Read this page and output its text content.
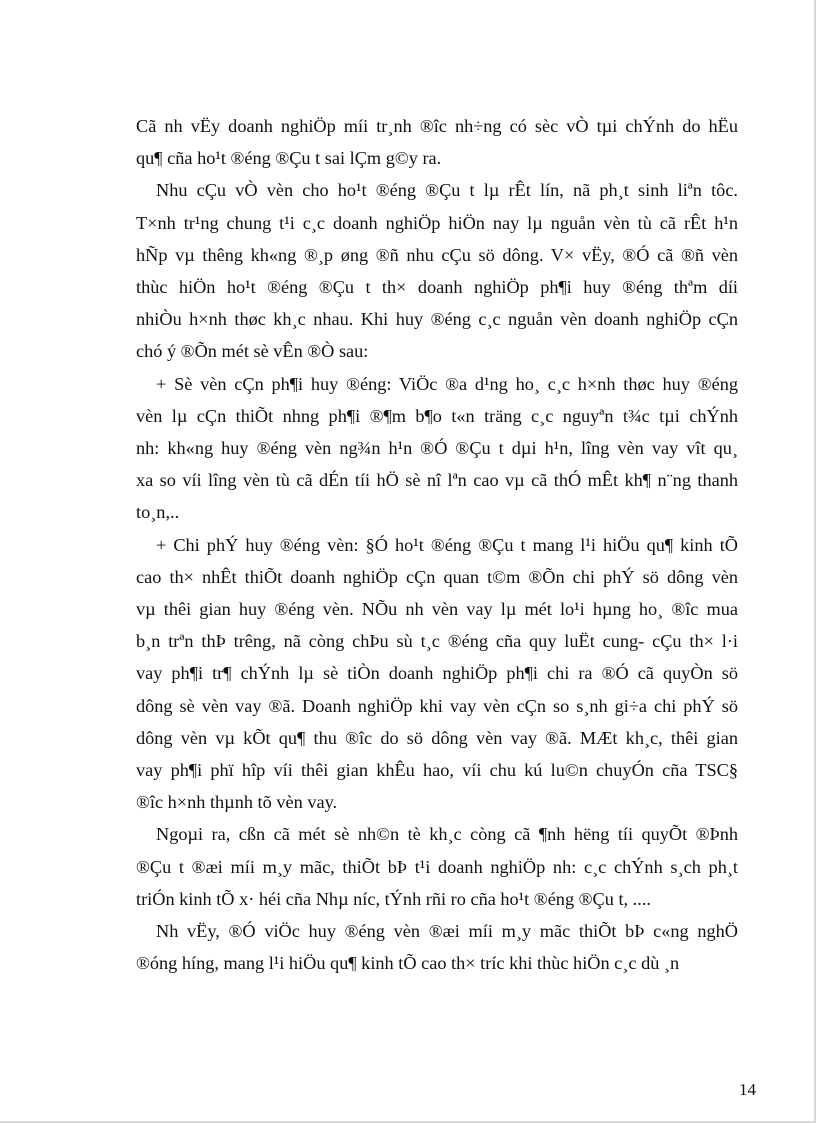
Cã nh vËy doanh nghiÖp míi tr¸nh ®îc nh÷ng có sèc vÒ tµi chÝnh do hËu
qu¶ cña ho¹t ®éng ®Çu t sai lÇm g©y ra.
Nhu cÇu vÒ vèn cho ho¹t ®éng ®Çu t lµ rÊt lín, nã ph¸t sinh liªn tôc.
T×nh tr¹ng chung t¹i c¸c doanh nghiÖp hiÖn nay lµ nguån vèn tù cã rÊt h¹n
hÑp vµ thêng kh«ng ®¸p øng ®ñ nhu cÇu sö dông. V× vËy, ®Ó cã ®ñ vèn
thùc hiÖn ho¹t ®éng ®Çu t th× doanh nghiÖp ph¶i huy ®éng thªm díi
nhiÒu h×nh thøc kh¸c nhau. Khi huy ®éng c¸c nguån vèn doanh nghiÖp cÇn
chó ý ®Õn mét sè vÊn ®Ò sau:
+ Sè vèn cÇn ph¶i huy ®éng: ViÖc ®a d¹ng ho¸ c¸c h×nh thøc huy ®éng
vèn lµ cÇn thiÕt nhng ph¶i ®¶m b¶o t«n träng c¸c nguyªn t¾c tµi chÝnh
nh: kh«ng huy ®éng vèn ng¾n h¹n ®Ó ®Çu t dµi h¹n, lîng vèn vay vît qu¸
xa so víi lîng vèn tù cã dÉn tíi hÖ sè nî lªn cao vµ cã thÓ mÊt kh¶ n¨ng thanh
to¸n,..
+ Chi phÝ huy ®éng vèn: §Ó ho¹t ®éng ®Çu t mang l¹i hiÖu qu¶ kinh tÕ
cao th× nhÊt thiÕt doanh nghiÖp cÇn quan t©m ®Õn chi phÝ sö dông vèn
vµ thêi gian huy ®éng vèn. NÕu nh vèn vay lµ mét lo¹i hµng ho¸ ®îc mua
b¸n trªn thÞ trêng, nã còng chÞu sù t¸c ®éng cña quy luËt cung- cÇu th× l·i
vay ph¶i tr¶ chÝnh lµ sè tiÒn doanh nghiÖp ph¶i chi ra ®Ó cã quyÒn sö
dông sè vèn vay ®ã. Doanh nghiÖp khi vay vèn cÇn so s¸nh gi÷a chi phÝ sö
dông vèn vµ kÕt qu¶ thu ®îc do sö dông vèn vay ®ã. MÆt kh¸c, thêi gian
vay ph¶i phï hîp víi thêi gian khÊu hao, víi chu kú lu©n chuyÓn cña TSC§
®îc h×nh thµnh tõ vèn vay.
Ngoµi ra, cßn cã mét sè nh©n tè kh¸c còng cã ¶nh hëng tíi quyÕt ®Þnh
®Çu t ®æi míi m¸y mãc, thiÕt bÞ t¹i doanh nghiÖp nh: c¸c chÝnh s¸ch ph¸t
triÓn kinh tÕ x· héi cña Nhµ níc, tÝnh rñi ro cña ho¹t ®éng ®Çu t, ....
Nh vËy, ®Ó viÖc huy ®éng vèn ®æi míi m¸y mãc thiÕt bÞ c«ng nghÖ
®óng híng, mang l¹i hiÖu qu¶ kinh tÕ cao th× tríc khi thùc hiÖn c¸c dù ¸n
14
